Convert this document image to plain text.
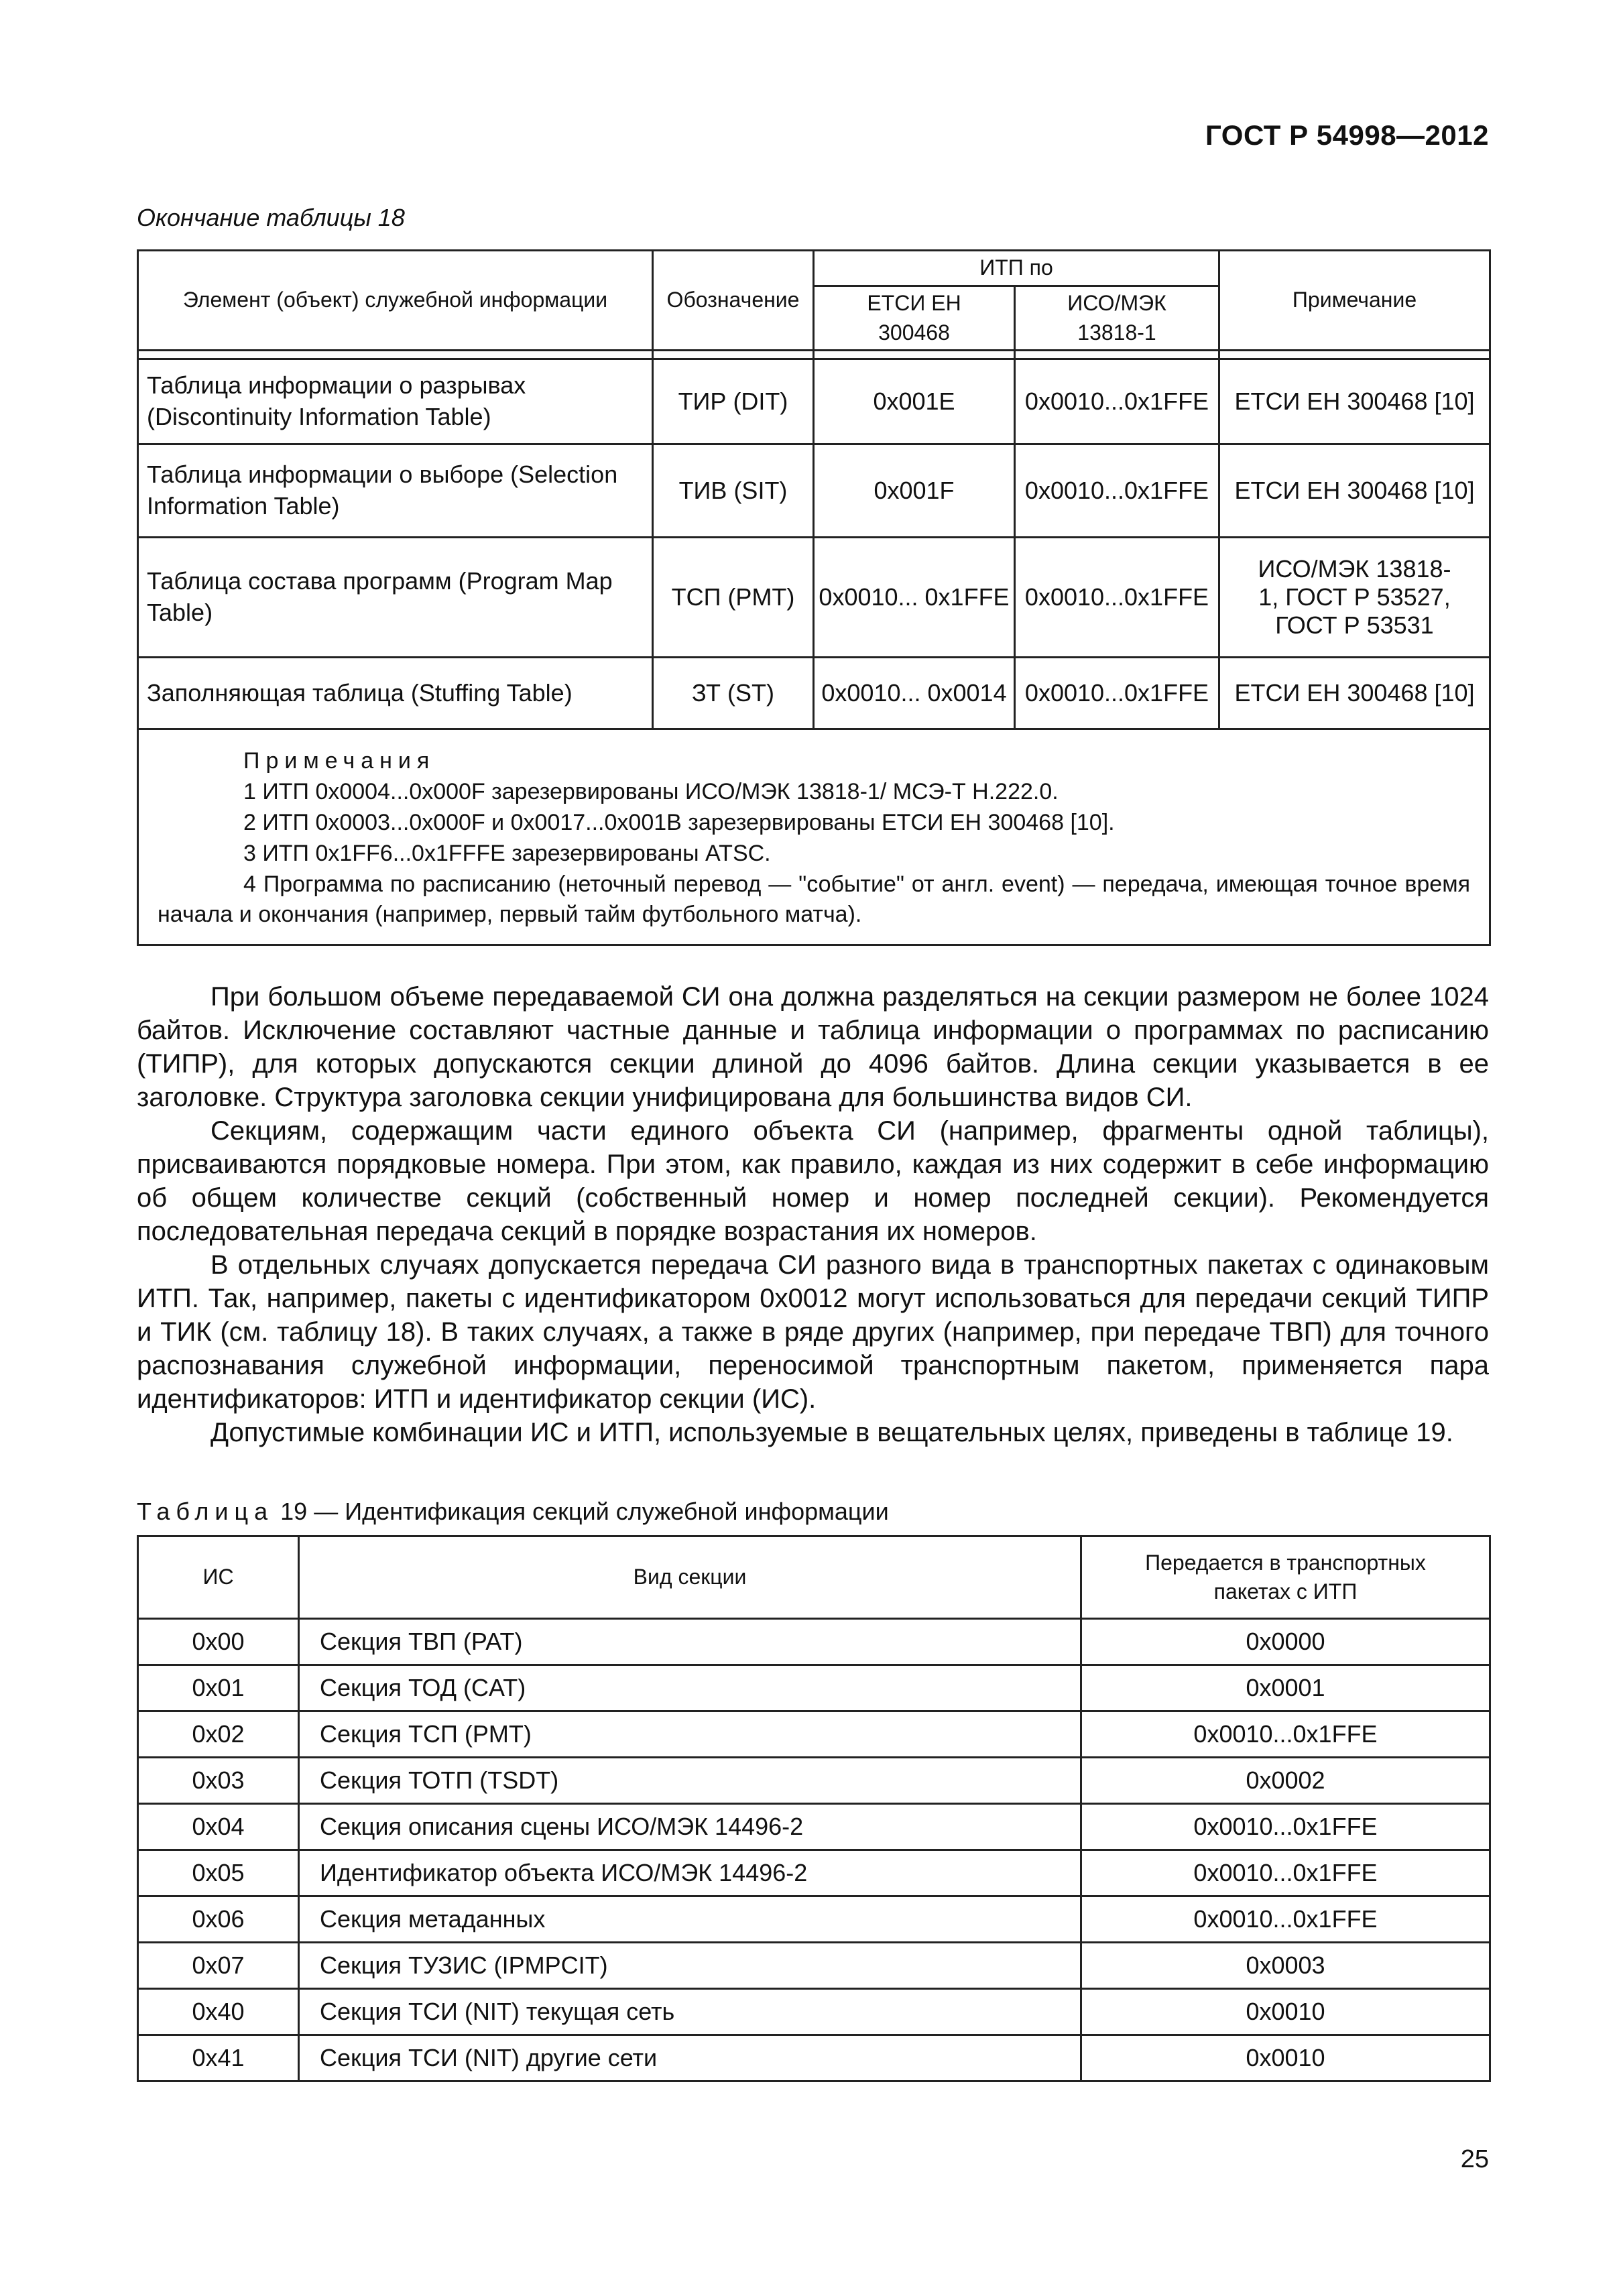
ГОСТ Р 54998—2012
Окончание таблицы 18
Элемент (объект) служебной информации	Обозначение	ИТП по		Примечание
		ЕТСИ ЕН 300468	ИСО/МЭК 13818-1	

Таблица информации о разрывах (Discontinuity Information Table)	ТИР (DIT)	0x001E	0x0010...0x1FFE	ЕТСИ ЕН 300468 [10]
Таблица информации о выборе (Selection Information Table)	ТИВ (SIT)	0x001F	0x0010...0x1FFE	ЕТСИ ЕН 300468 [10]
Таблица состава программ (Program Map Table)	ТСП (PMT)	0x0010... 0x1FFE	0x0010...0x1FFE	ИСО/МЭК 13818-1, ГОСТ Р 53527, ГОСТ Р 53531
Заполняющая таблица (Stuffing Table)	ЗТ (ST)	0x0010... 0x0014	0x0010...0x1FFE	ЕТСИ ЕН 300468 [10]

Примечания
1 ИТП 0x0004...0x000F зарезервированы ИСО/МЭК 13818-1/ МСЭ-Т Н.222.0.
2 ИТП 0x0003...0x000F и 0x0017...0x001B зарезервированы ЕТСИ ЕН 300468 [10].
3 ИТП 0x1FF6...0x1FFFE зарезервированы ATSC.
4 Программа по расписанию (неточный перевод — "событие" от англ. event) — передача, имеющая точное время начала и окончания (например, первый тайм футбольного матча).				

При большом объеме передаваемой СИ она должна разделяться на секции размером не более 1024 байтов. Исключение составляют частные данные и таблица информации о программах по расписанию (ТИПР), для которых допускаются секции длиной до 4096 байтов. Длина секции указывается в ее заголовке. Структура заголовка секции унифицирована для большинства видов СИ.

Секциям, содержащим части единого объекта СИ (например, фрагменты одной таблицы), присваиваются порядковые номера. При этом, как правило, каждая из них содержит в себе информацию об общем количестве секций (собственный номер и номер последней секции). Рекомендуется последовательная передача секций в порядке возрастания их номеров.

В отдельных случаях допускается передача СИ разного вида в транспортных пакетах с одинаковым ИТП. Так, например, пакеты с идентификатором 0x0012 могут использоваться для передачи секций ТИПР и ТИК (см. таблицу 18). В таких случаях, а также в ряде других (например, при передаче ТВП) для точного распознавания служебной информации, переносимой транспортным пакетом, применяется пара идентификаторов: ИТП и идентификатор секции (ИС).

Допустимые комбинации ИС и ИТП, используемые в вещательных целях, приведены в таблице 19.

Таблица 19 — Идентификация секций служебной информации
ИС	Вид секции	Передается в транспортных пакетах с ИТП
0x00	Секция ТВП (PAT)	0x0000
0x01	Секция ТОД (CAT)	0x0001
0x02	Секция ТСП (PMT)	0x0010...0x1FFE
0x03	Секция ТОТП (TSDT)	0x0002
0x04	Секция описания сцены ИСО/МЭК 14496-2	0x0010...0x1FFE
0x05	Идентификатор объекта ИСО/МЭК 14496-2	0x0010...0x1FFE
0x06	Секция метаданных	0x0010...0x1FFE
0x07	Секция ТУЗИС (IPMPCIT)	0x0003
0x40	Секция ТСИ (NIT) текущая сеть	0x0010
0x41	Секция ТСИ (NIT) другие сети	0x0010
25
